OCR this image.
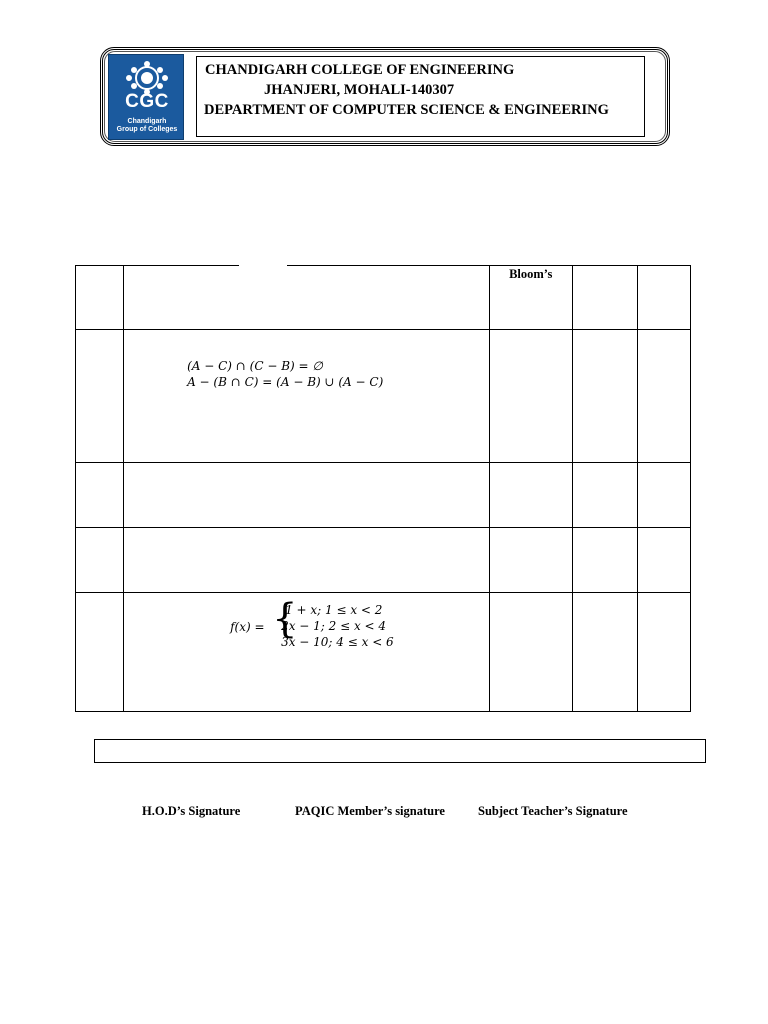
CGC
Chandigarh
Group of Colleges
CHANDIGARH COLLEGE OF ENGINEERING
JHANJERI, MOHALI-140307
DEPARTMENT OF COMPUTER SCIENCE & ENGINEERING

		Bloom’s		

	(A − C) ∩ (C − B) = ∅
A − (B ∩ C) = (A − B) ∪ (A − C)			

	f(x) = {
1 + x; 1 ≤ x < 2
2x − 1; 2 ≤ x < 4
3x − 10; 4 ≤ x < 6			

H.O.D’s Signature	PAQIC Member’s signature	Subject Teacher’s Signature
